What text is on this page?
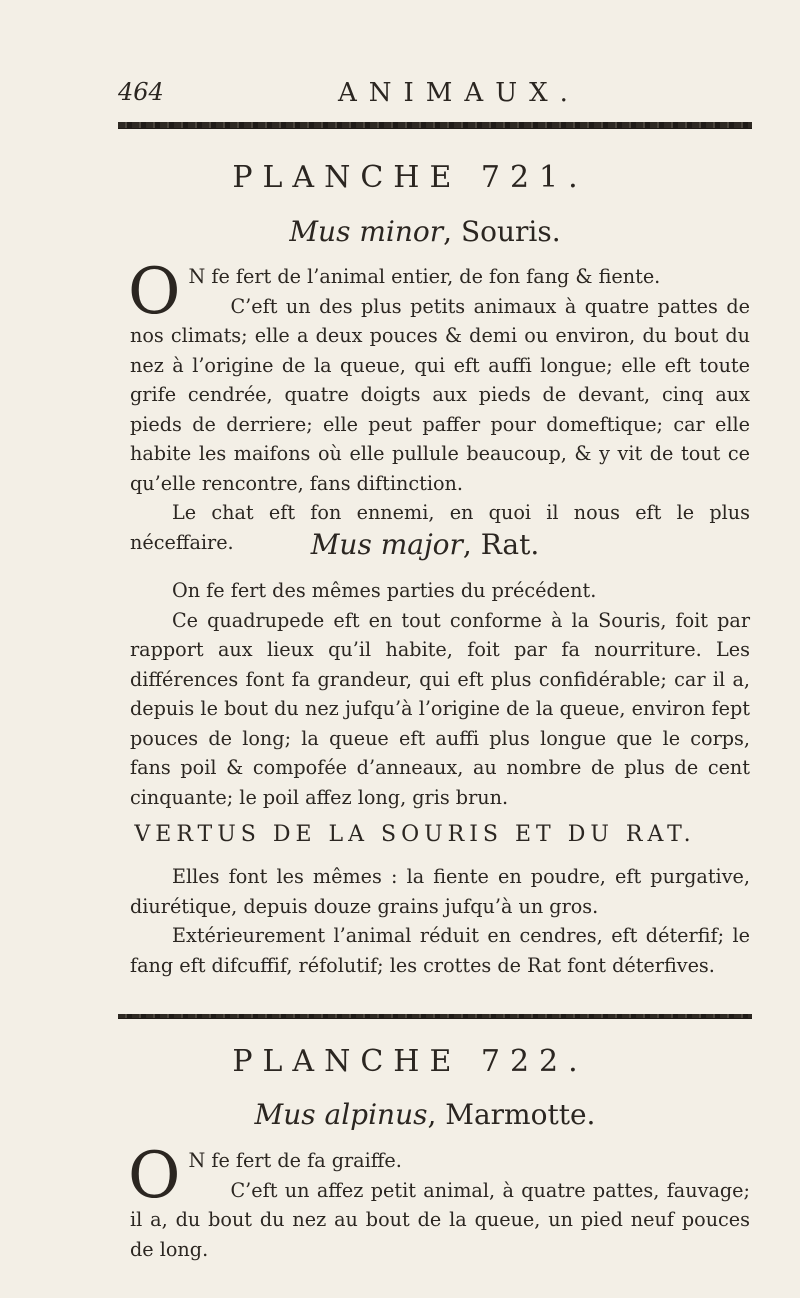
464	ANIMAUX.
PLANCHE 721.
Mus minor, Souris.

O N fe fert de l’animal entier, de fon fang & fiente.

C’eft un des plus petits animaux à quatre pattes de nos climats; elle a deux pouces & demi ou environ, du bout du nez à l’origine de la queue, qui eft auffi longue; elle eft toute grife cendrée, quatre doigts aux pieds de devant, cinq aux pieds de derriere; elle peut paffer pour domeftique; car elle habite les maifons où elle pullule beaucoup, & y vit de tout ce qu’elle rencontre, fans diftinction.

Le chat eft fon ennemi, en quoi il nous eft le plus néceffaire.	Mus major, Rat.

On fe fert des mêmes parties du précédent.

Ce quadrupede eft en tout conforme à la Souris, foit par rapport aux lieux qu’il habite, foit par fa nourriture. Les différences font fa grandeur, qui eft plus confidérable; car il a, depuis le bout du nez jufqu’à l’origine de la queue, environ fept pouces de long; la queue eft auffi plus longue que le corps, fans poil & compofée d’anneaux, au nombre de plus de cent cinquante; le poil affez long, gris brun.

VERTUS DE LA SOURIS ET DU RAT.

Elles font les mêmes : la fiente en poudre, eft purgative, diurétique, depuis douze grains jufqu’à un gros.

Extérieurement l’animal réduit en cendres, eft déterfif; le fang eft difcuffif, réfolutif; les crottes de Rat font déterfives.

PLANCHE 722.
Mus alpinus, Marmotte.

O N fe fert de fa graiffe.

C’eft un affez petit animal, à quatre pattes, fauvage; il a, du bout du nez au bout de la queue, un pied neuf pouces de long.
